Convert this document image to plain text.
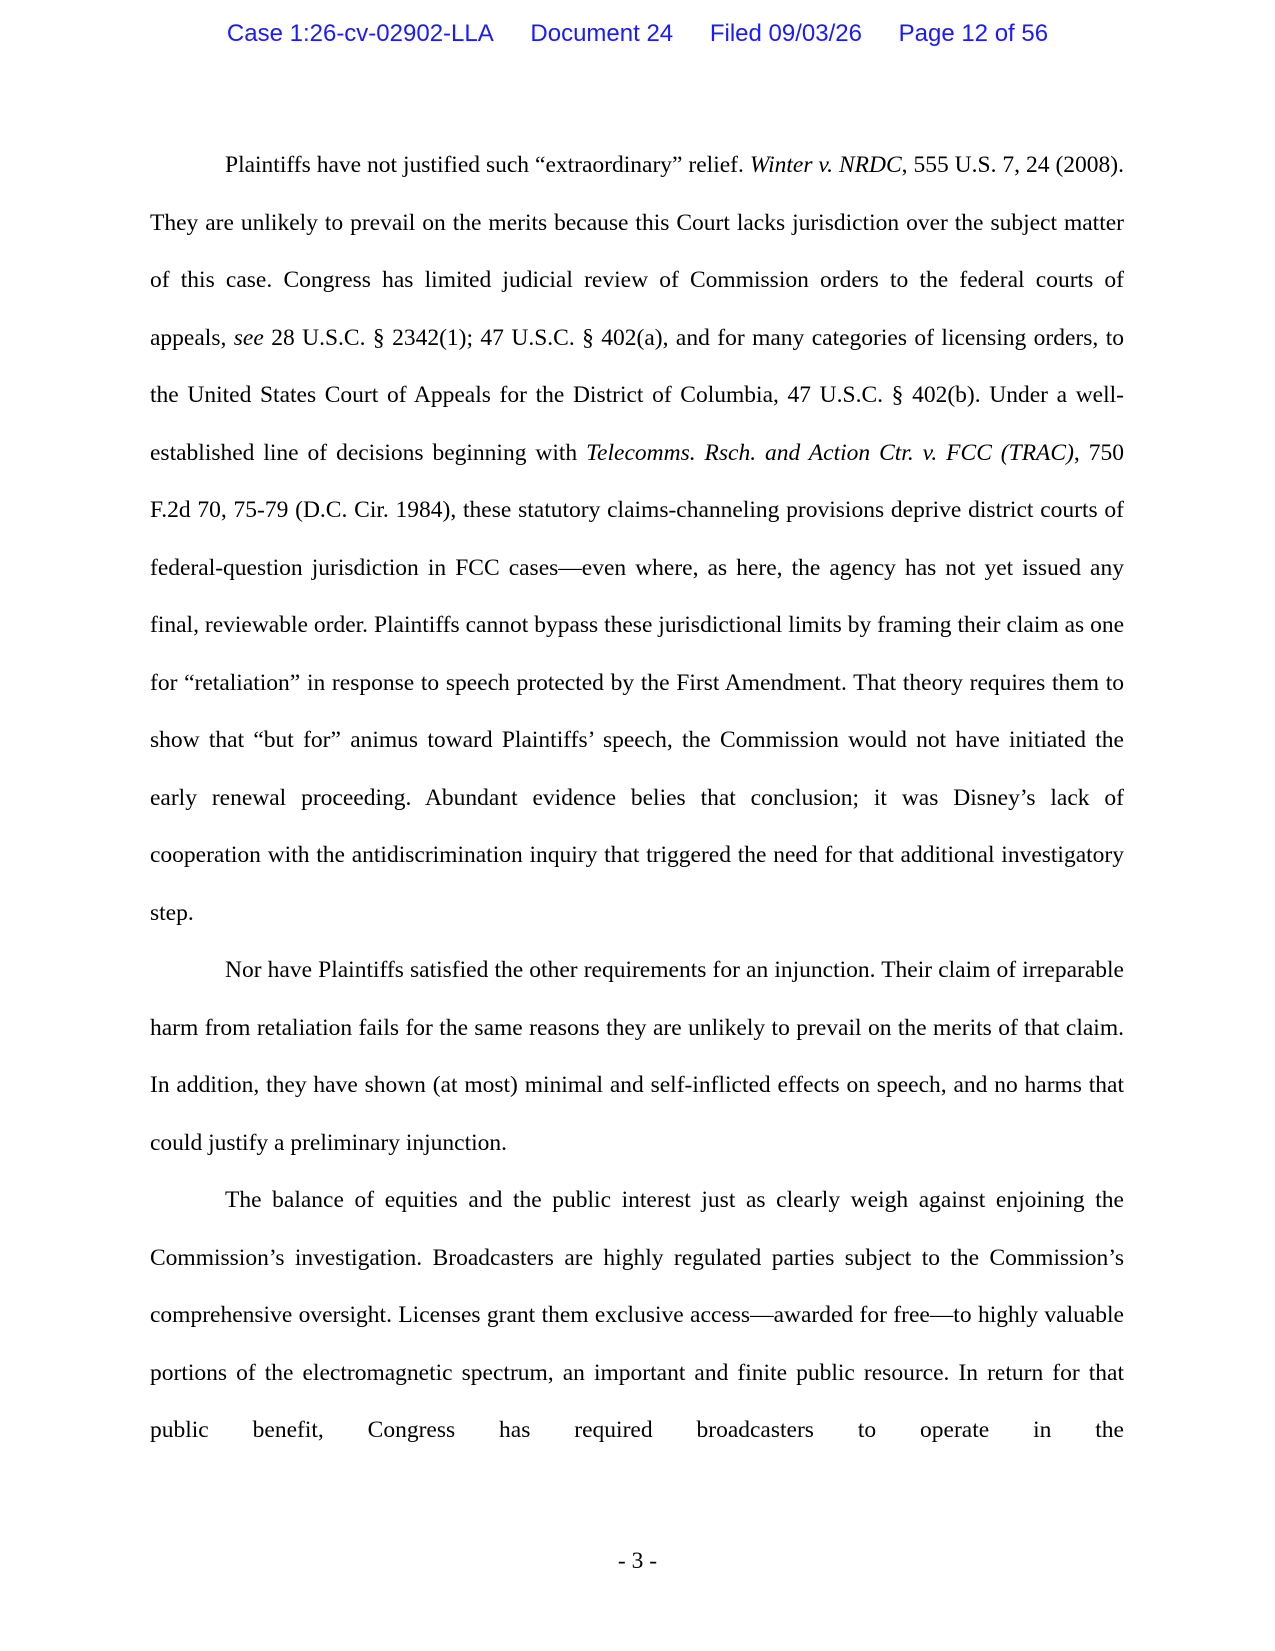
Case 1:26-cv-02902-LLA Document 24 Filed 09/03/26 Page 12 of 56

Plaintiffs have not justified such “extraordinary” relief. Winter v. NRDC, 555 U.S. 7, 24 (2008). They are unlikely to prevail on the merits because this Court lacks jurisdiction over the subject matter of this case. Congress has limited judicial review of Commission orders to the federal courts of appeals, see 28 U.S.C. § 2342(1); 47 U.S.C. § 402(a), and for many categories of licensing orders, to the United States Court of Appeals for the District of Columbia, 47 U.S.C. § 402(b). Under a well-established line of decisions beginning with Telecomms. Rsch. and Action Ctr. v. FCC (TRAC), 750 F.2d 70, 75-79 (D.C. Cir. 1984), these statutory claims-channeling provisions deprive district courts of federal-question jurisdiction in FCC cases—even where, as here, the agency has not yet issued any final, reviewable order. Plaintiffs cannot bypass these jurisdictional limits by framing their claim as one for “retaliation” in response to speech protected by the First Amendment. That theory requires them to show that “but for” animus toward Plaintiffs’ speech, the Commission would not have initiated the early renewal proceeding. Abundant evidence belies that conclusion; it was Disney’s lack of cooperation with the antidiscrimination inquiry that triggered the need for that additional investigatory step.

Nor have Plaintiffs satisfied the other requirements for an injunction. Their claim of irreparable harm from retaliation fails for the same reasons they are unlikely to prevail on the merits of that claim. In addition, they have shown (at most) minimal and self-inflicted effects on speech, and no harms that could justify a preliminary injunction.

The balance of equities and the public interest just as clearly weigh against enjoining the Commission’s investigation. Broadcasters are highly regulated parties subject to the Commission’s comprehensive oversight. Licenses grant them exclusive access—awarded for free—to highly valuable portions of the electromagnetic spectrum, an important and finite public resource. In return for that public benefit, Congress has required broadcasters to operate in the

- 3 -
